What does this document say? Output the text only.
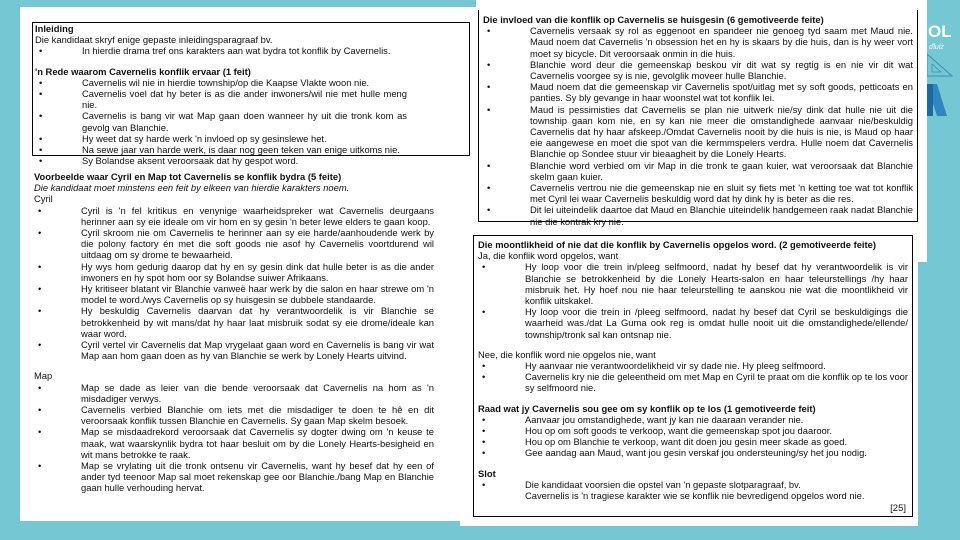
OL
ďlulż
Inleiding
Die kandidaat skryf enige gepaste inleidingsparagraaf bv.
• In hierdie drama tref ons karakters aan wat bydra tot konflik by Cavernelis.
'n Rede waarom Cavernelis konflik ervaar (1 feit)
• Cavernelis wil nie in hierdie township/op die Kaapse Vlakte woon nie.
• Cavernelis voel dat hy beter is as die ander inwoners/wil nie met hulle meng nie.
• Cavernelis is bang vir wat Map gaan doen wanneer hy uit die tronk kom as gevolg van Blanchie.
• Hy weet dat sy harde werk 'n invloed op sy gesinslewe het.
• Na sewe jaar van harde werk, is daar nog geen teken van enige uitkoms nie.
• Sy Bolandse aksent veroorsaak dat hy gespot word.
Voorbeelde waar Cyril en Map tot Cavernelis se konflik bydra (5 feite)
Die kandidaat moet minstens een feit by elkeen van hierdie karakters noem.
Cyril
• Cyril is 'n fel kritikus en venynige waarheidspreker wat Cavernelis deurgaans herinner aan sy eie ideale om vir hom en sy gesin 'n beter lewe elders te gaan koop.
• Cyril skroom nie om Cavernelis te herinner aan sy eie harde/aanhoudende werk by die polony factory én met die soft goods nie asof hy Cavernelis voortdurend wil uitdaag om sy drome te bewaarheid.
• Hy wys hom gedurig daarop dat hy en sy gesin dink dat hulle beter is as die ander inwoners en hy spot hom oor sy Bolandse suiwer Afrikaans.
• Hy kritiseer blatant vir Blanchie vanweë haar werk by die salon en haar strewe om 'n model te word./wys Cavernelis op sy huisgesin se dubbele standaarde.
• Hy beskuldig Cavernelis daarvan dat hy verantwoordelik is vir Blanchie se betrokkenheid by wit mans/dat hy haar laat misbruik sodat sy eie drome/ideale kan waar word.
• Cyril vertel vir Cavernelis dat Map vrygelaat gaan word en Cavernelis is bang vir wat Map aan hom gaan doen as hy van Blanchie se werk by Lonely Hearts uitvind.
Map
• Map se dade as leier van die bende veroorsaak dat Cavernelis na hom as 'n misdadiger verwys.
• Cavernelis verbied Blanchie om iets met die misdadiger te doen te hê en dit veroorsaak konflik tussen Blanchie en Cavernelis. Sy gaan Map skelm besoek.
• Map se misdaadrekord veroorsaak dat Cavernelis sy dogter dwing om 'n keuse te maak, wat waarskynlik bydra tot haar besluit om by die Lonely Hearts-besigheid en wit mans betrokke te raak.
• Map se vrylating uit die tronk ontsenu vir Cavernelis, want hy besef dat hy een of ander tyd teenoor Map sal moet rekenskap gee oor Blanchie./bang Map en Blanchie gaan hulle verhouding hervat.
Die invloed van die konflik op Cavernelis se huisgesin (6 gemotiveerde feite)
• Cavernelis versaak sy rol as eggenoot en spandeer nie genoeg tyd saam met Maud nie. Maud noem dat Cavernelis 'n obsession het en hy is skaars by die huis, dan is hy weer vort moet sy bicycle. Dit veroorsaak onmin in die huis.
• Blanchie word deur die gemeenskap beskou vir dit wat sy regtig is en nie vir dit wat Cavernelis voorgee sy is nie, gevolglik moveer hulle Blanchie.
• Maud noem dat die gemeenskap vir Cavernelis spot/uitlag met sy soft goods, petticoats en panties. Sy bly gevange in haar woonstel wat tot konflik lei.
• Maud is pessimisties dat Cavernelis se plan nie uitwerk nie/sy dink dat hulle nie uit die township gaan kom nie, en sy kan nie meer die omstandighede aanvaar nie/beskuldig Cavernelis dat hy haar afskeep./Omdat Cavernelis nooit by die huis is nie, is Maud op haar eie aangewese en moet die spot van die kermmspelers verdra. Hulle noem dat Cavernelis Blanchie op Sondee stuur vir bieaagheit by die Lonely Hearts.
• Blanchie word verbied om vir Map in die tronk te gaan kuier, wat veroorsaak dat Blanchie skelm gaan kuier.
• Cavernelis vertrou nie die gemeenskap nie en sluit sy fiets met 'n ketting toe wat tot konflik met Cyril lei waar Cavernelis beskuldig word dat hy dink hy is beter as die res.
• Dit lei uiteindelik daartoe dat Maud en Blanchie uiteindelik handgemeen raak nadat Blanchie nie die kontrak kry nie.
Die moontlikheid of nie dat die konflik by Cavernelis opgelos word. (2 gemotiveerde feite)
Ja, die konflik word opgelos, want
• Hy loop voor die trein in/pleeg selfmoord, nadat hy besef dat hy verantwoordelik is vir Blanchie se betrokkenheid by die Lonely Hearts-salon en haar teleurstellings /hy haar misbruik het. Hy hoef nou nie haar teleurstelling te aanskou nie wat die moontlikheid vir konflik uitskakel.
• Hy loop voor die trein in /pleeg selfmoord, nadat hy besef dat Cyril se beskuldigings die waarheid was./dat La Guma ook reg is omdat hulle nooit uit die omstandighede/ellende/ township/tronk sal kan ontsnap nie.
Nee, die konflik word nie opgelos nie, want
• Hy aanvaar nie verantwoordelikheid vir sy dade nie. Hy pleeg selfmoord.
• Cavernelis kry nie die geleentheid om met Map en Cyril te praat om die konflik op te los voor sy selfmoord nie.
Raad wat jy Cavernelis sou gee om sy konflik op te los (1 gemotiveerde feit)
• Aanvaar jou omstandighede, want jy kan nie daaraan verander nie.
• Hou op om soft goods te verkoop, want die gemeenskap spot jou daaroor.
• Hou op om Blanchie te verkoop, want dit doen jou gesin meer skade as goed.
• Gee aandag aan Maud, want jou gesin verskaf jou ondersteuning/sy het jou nodig.
Slot
• Die kandidaat voorsien die opstel van 'n gepaste slotparagraaf, bv.
Cavernelis is 'n tragiese karakter wie se konflik nie bevredigend opgelos word nie.
[25]
